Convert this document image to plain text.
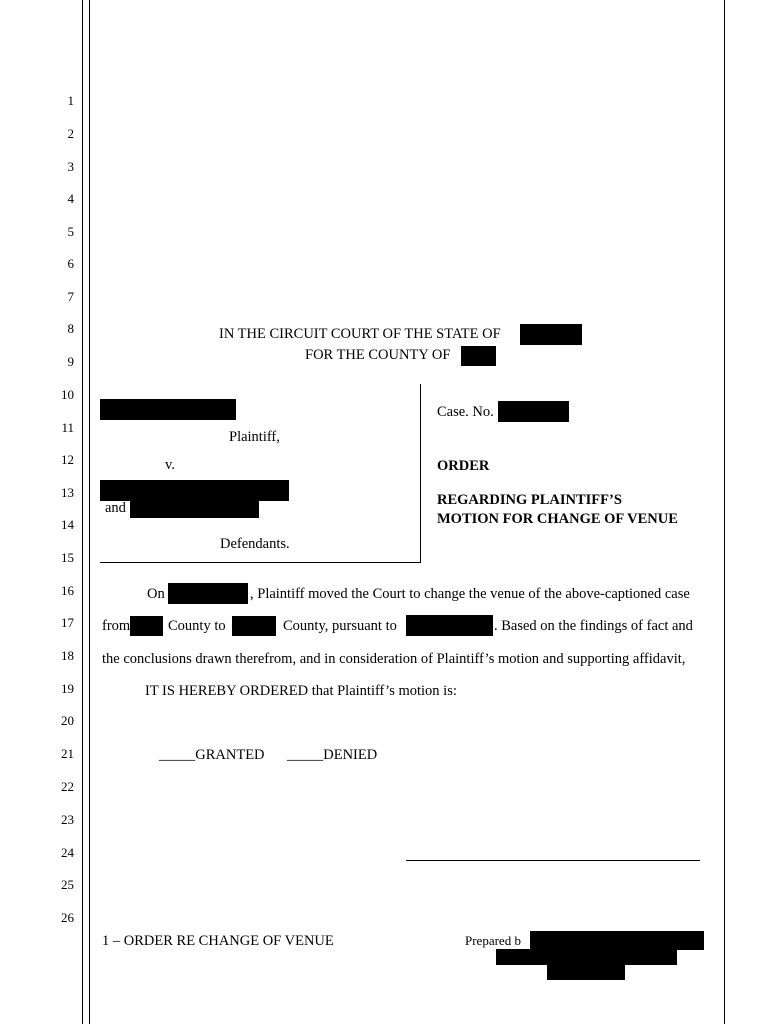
1
2
3
4
5
6
7
8
9
10
11
12
13
14
15
16
17
18
19
20
21
22
23
24
25
26
IN THE CIRCUIT COURT OF THE STATE OF
FOR THE COUNTY OF
Plaintiff,
v.
and
Defendants.
Case. No.
ORDER
REGARDING PLAINTIFF’S
MOTION FOR CHANGE OF VENUE
On	, Plaintiff moved the Court to change the venue of the above-captioned case
from	County to	County, pursuant to	. Based on the findings of fact and
the conclusions drawn therefrom, and in consideration of Plaintiff’s motion and supporting affidavit,
IT IS HEREBY ORDERED that Plaintiff’s motion is:
_____GRANTED _____DENIED
1 – ORDER RE CHANGE OF VENUE	Prepared b
